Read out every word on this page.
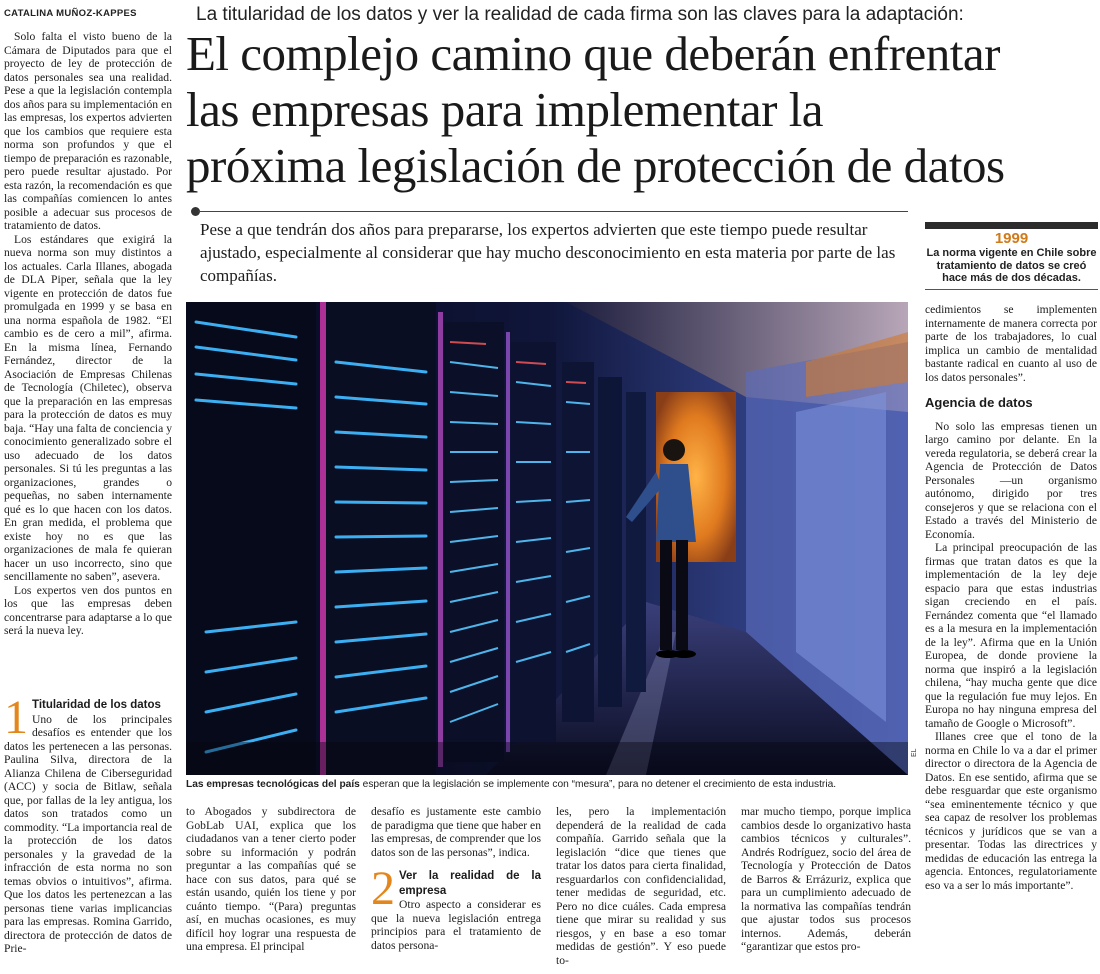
CATALINA MUÑOZ-KAPPES	La titularidad de los datos y ver la realidad de cada firma son las claves para la adaptación:
El complejo camino que deberán enfrentar
las empresas para implementar la
próxima legislación de protección de datos
Pese a que tendrán dos años para prepararse, los expertos advierten que este tiempo puede resultar ajustado, especialmente al considerar que hay mucho desconocimiento en esta materia por parte de las compañías.
1999
La norma vigente en Chile sobre tratamiento de datos se creó hace más de dos décadas.
Las empresas tecnológicas del país esperan que la legislación se implemente con “mesura”, para no detener el crecimiento de esta industria.
EL

Solo falta el visto bueno de la Cámara de Diputados para que el proyecto de ley de protección de datos personales sea una realidad. Pese a que la legislación contempla dos años para su implementación en las empresas, los expertos advierten que los cambios que requiere esta norma son profundos y que el tiempo de preparación es razonable, pero puede resultar ajustado. Por esta razón, la recomendación es que las compañías comiencen lo antes posible a adecuar sus procesos de tratamiento de datos.

Los estándares que exigirá la nueva norma son muy distintos a los actuales. Carla Illanes, abogada de DLA Piper, señala que la ley vigente en protección de datos fue promulgada en 1999 y se basa en una norma española de 1982. “El cambio es de cero a mil”, afirma. En la misma línea, Fernando Fernández, director de la Asociación de Empresas Chilenas de Tecnología (Chiletec), observa que la preparación en las empresas para la protección de datos es muy baja. “Hay una falta de conciencia y conocimiento generalizado sobre el uso adecuado de los datos personales. Si tú les preguntas a las organizaciones, grandes o pequeñas, no saben internamente qué es lo que hacen con los datos. En gran medida, el problema que existe hoy no es que las organizaciones de mala fe quieran hacer un uso incorrecto, sino que sencillamente no saben”, asevera.

Los expertos ven dos puntos en los que las empresas deben concentrarse para adaptarse a lo que será la nueva ley.

1 Titularidad de los datos
Uno de los principales desafíos es entender que los datos les pertenecen a las personas. Paulina Silva, directora de la Alianza Chilena de Ciberseguridad (ACC) y socia de Bitlaw, señala que, por fallas de la ley antigua, los datos son tratados como un commodity. “La importancia real de la protección de los datos personales y la gravedad de la infracción de esta norma no son temas obvios o intuitivos”, afirma. Que los datos les pertenezcan a las personas tiene varias implicancias para las empresas. Romina Garrido, directora de protección de datos de Prie-

to Abogados y subdirectora de GobLab UAI, explica que los ciudadanos van a tener cierto poder sobre su información y podrán preguntar a las compañías qué se hace con sus datos, para qué se están usando, quién los tiene y por cuánto tiempo. “(Para) preguntas así, en muchas ocasiones, es muy difícil hoy lograr una respuesta de una empresa. El principal

desafío es justamente este cambio de paradigma que tiene que haber en las empresas, de comprender que los datos son de las personas”, indica.

2 Ver la realidad de la empresa
Otro aspecto a considerar es que la nueva legislación entrega principios para el tratamiento de datos persona-

les, pero la implementación dependerá de la realidad de cada compañía. Garrido señala que la legislación “dice que tienes que tratar los datos para cierta finalidad, resguardarlos con confidencialidad, tener medidas de seguridad, etc. Pero no dice cuáles. Cada empresa tiene que mirar su realidad y sus riesgos, y en base a eso tomar medidas de gestión”. Y eso puede to-

mar mucho tiempo, porque implica cambios desde lo organizativo hasta cambios técnicos y culturales”. Andrés Rodríguez, socio del área de Tecnología y Protección de Datos de Barros & Errázuriz, explica que para un cumplimiento adecuado de la normativa las compañías tendrán que ajustar todos sus procesos internos. Además, deberán “garantizar que estos pro-

cedimientos se implementen internamente de manera correcta por parte de los trabajadores, lo cual implica un cambio de mentalidad bastante radical en cuanto al uso de los datos personales”.

Agencia de datos

No solo las empresas tienen un largo camino por delante. En la vereda regulatoria, se deberá crear la Agencia de Protección de Datos Personales —un organismo autónomo, dirigido por tres consejeros y que se relaciona con el Estado a través del Ministerio de Economía.

La principal preocupación de las firmas que tratan datos es que la implementación de la ley deje espacio para que estas industrias sigan creciendo en el país. Fernández comenta que “el llamado es a la mesura en la implementación de la ley”. Afirma que en la Unión Europea, de donde proviene la norma que inspiró a la legislación chilena, “hay mucha gente que dice que la regulación fue muy lejos. En Europa no hay ninguna empresa del tamaño de Google o Microsoft”.

Illanes cree que el tono de la norma en Chile lo va a dar el primer director o directora de la Agencia de Datos. En ese sentido, afirma que se debe resguardar que este organismo “sea eminentemente técnico y que sea capaz de resolver los problemas técnicos y jurídicos que se van a presentar. Todas las directrices y medidas de educación las entrega la agencia. Entonces, regulatoriamente eso va a ser lo más importante”.
